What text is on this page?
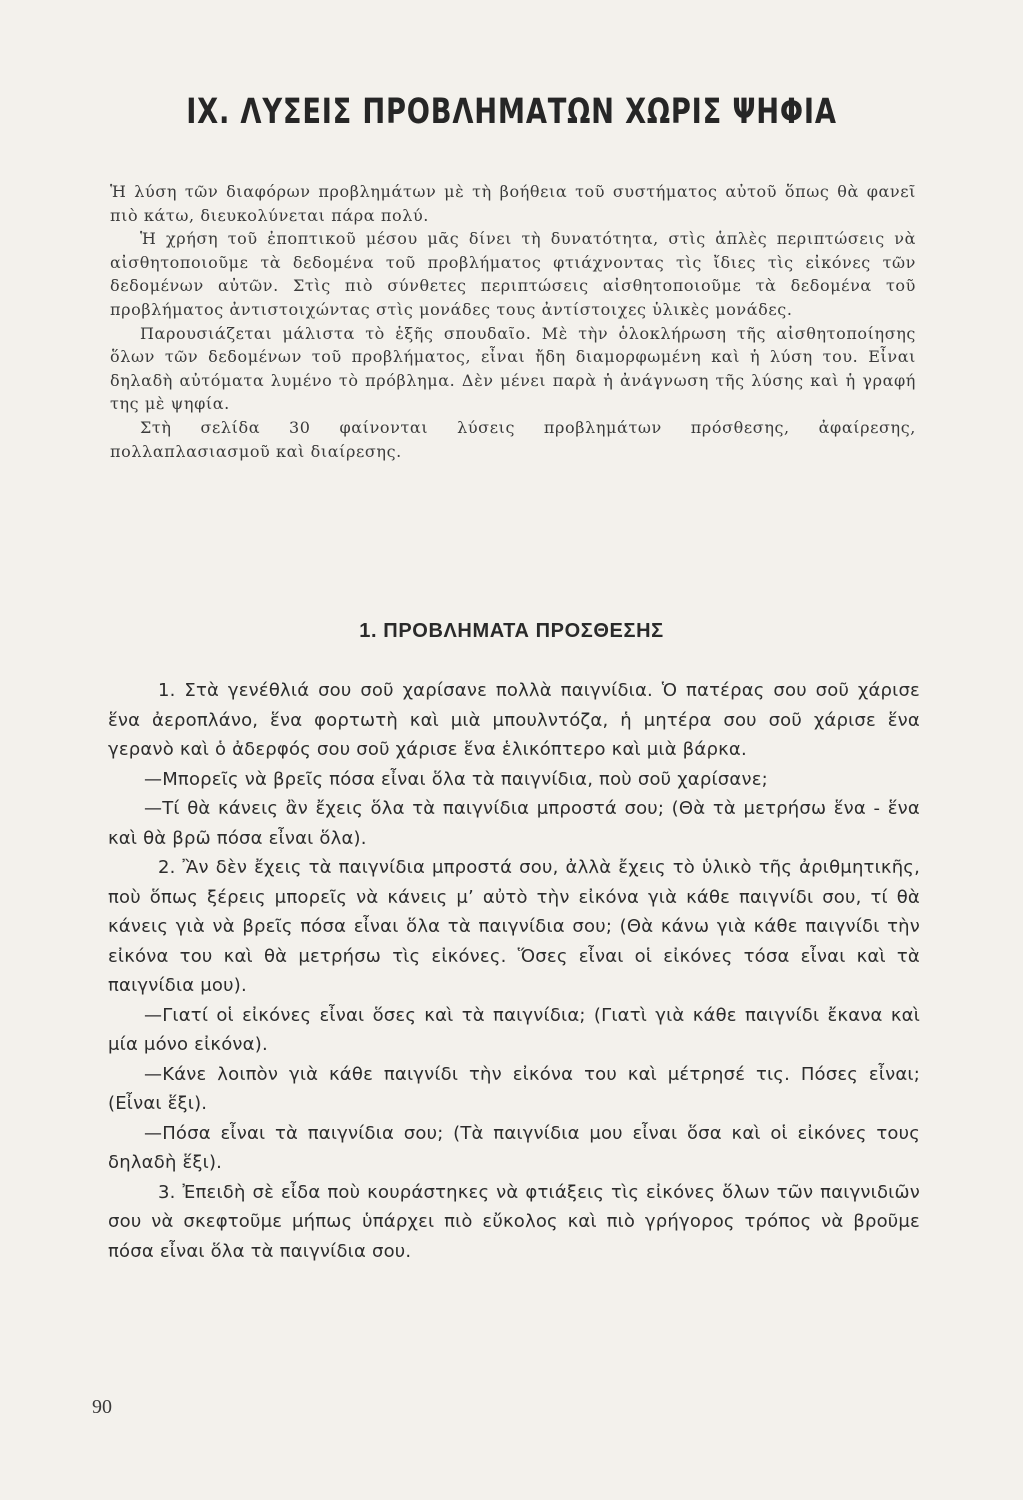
IX. ΛΥΣΕΙΣ ΠΡΟΒΛΗΜΑΤΩΝ ΧΩΡΙΣ ΨΗΦΙΑ

Ἡ λύση τῶν διαφόρων προβλημάτων μὲ τὴ βοήθεια τοῦ συστήματος αὐτοῦ ὅπως θὰ φανεῖ πιὸ κάτω, διευκολύνεται πάρα πολύ.

Ἡ χρήση τοῦ ἐποπτικοῦ μέσου μᾶς δίνει τὴ δυνατότητα, στὶς ἁπλὲς περιπτώσεις νὰ αἰσθητοποιοῦμε τὰ δεδομένα τοῦ προβλήματος φτιάχνοντας τὶς ἴδιες τὶς εἰκόνες τῶν δεδομένων αὐτῶν. Στὶς πιὸ σύνθετες περιπτώσεις αἰσθητοποιοῦμε τὰ δεδομένα τοῦ προβλήματος ἀντιστοιχώντας στὶς μονάδες τους ἀντίστοιχες ὑλικὲς μονάδες.

Παρουσιάζεται μάλιστα τὸ ἑξῆς σπουδαῖο. Μὲ τὴν ὁλοκλήρωση τῆς αἰσθητοποίησης ὅλων τῶν δεδομένων τοῦ προβλήματος, εἶναι ἤδη διαμορφωμένη καὶ ἡ λύση του. Εἶναι δηλαδὴ αὐτόματα λυμένο τὸ πρόβλημα. Δὲν μένει παρὰ ἡ ἀνάγνωση τῆς λύσης καὶ ἡ γραφή της μὲ ψηφία.

Στὴ σελίδα 30 φαίνονται λύσεις προβλημάτων πρόσθεσης, ἀφαίρεσης, πολλαπλασιασμοῦ καὶ διαίρεσης.

1. ΠΡΟΒΛΗΜΑΤΑ ΠΡΟΣΘΕΣΗΣ

1. Στὰ γενέθλιά σου σοῦ χαρίσανε πολλὰ παιγνίδια. Ὁ πατέρας σου σοῦ χάρισε ἕνα ἀεροπλάνο, ἕνα φορτωτὴ καὶ μιὰ μπουλντόζα, ἡ μητέρα σου σοῦ χάρισε ἕνα γερανὸ καὶ ὁ ἀδερφός σου σοῦ χάρισε ἕνα ἑλικόπτερο καὶ μιὰ βάρκα.

—Μπορεῖς νὰ βρεῖς πόσα εἶναι ὅλα τὰ παιγνίδια, ποὺ σοῦ χαρίσανε;

—Τί θὰ κάνεις ἂν ἔχεις ὅλα τὰ παιγνίδια μπροστά σου; (Θὰ τὰ μετρήσω ἕνα - ἕνα καὶ θὰ βρῶ πόσα εἶναι ὅλα).

2. Ἂν δὲν ἔχεις τὰ παιγνίδια μπροστά σου, ἀλλὰ ἔχεις τὸ ὑλικὸ τῆς ἀριθμητικῆς, ποὺ ὅπως ξέρεις μπορεῖς νὰ κάνεις μ’ αὐτὸ τὴν εἰκόνα γιὰ κάθε παιγνίδι σου, τί θὰ κάνεις γιὰ νὰ βρεῖς πόσα εἶναι ὅλα τὰ παιγνίδια σου; (Θὰ κάνω γιὰ κάθε παιγνίδι τὴν εἰκόνα του καὶ θὰ μετρήσω τὶς εἰκόνες. Ὅσες εἶναι οἱ εἰκόνες τόσα εἶναι καὶ τὰ παιγνίδια μου).

—Γιατί οἱ εἰκόνες εἶναι ὅσες καὶ τὰ παιγνίδια; (Γιατὶ γιὰ κάθε παιγνίδι ἔκανα καὶ μία μόνο εἰκόνα).

—Κάνε λοιπὸν γιὰ κάθε παιγνίδι τὴν εἰκόνα του καὶ μέτρησέ τις. Πόσες εἶναι; (Εἶναι ἕξι).

—Πόσα εἶναι τὰ παιγνίδια σου; (Τὰ παιγνίδια μου εἶναι ὅσα καὶ οἱ εἰκόνες τους δηλαδὴ ἕξι).

3. Ἐπειδὴ σὲ εἶδα ποὺ κουράστηκες νὰ φτιάξεις τὶς εἰκόνες ὅλων τῶν παιγνιδιῶν σου νὰ σκεφτοῦμε μήπως ὑπάρχει πιὸ εὔκολος καὶ πιὸ γρήγορος τρόπος νὰ βροῦμε πόσα εἶναι ὅλα τὰ παιγνίδια σου.

90
